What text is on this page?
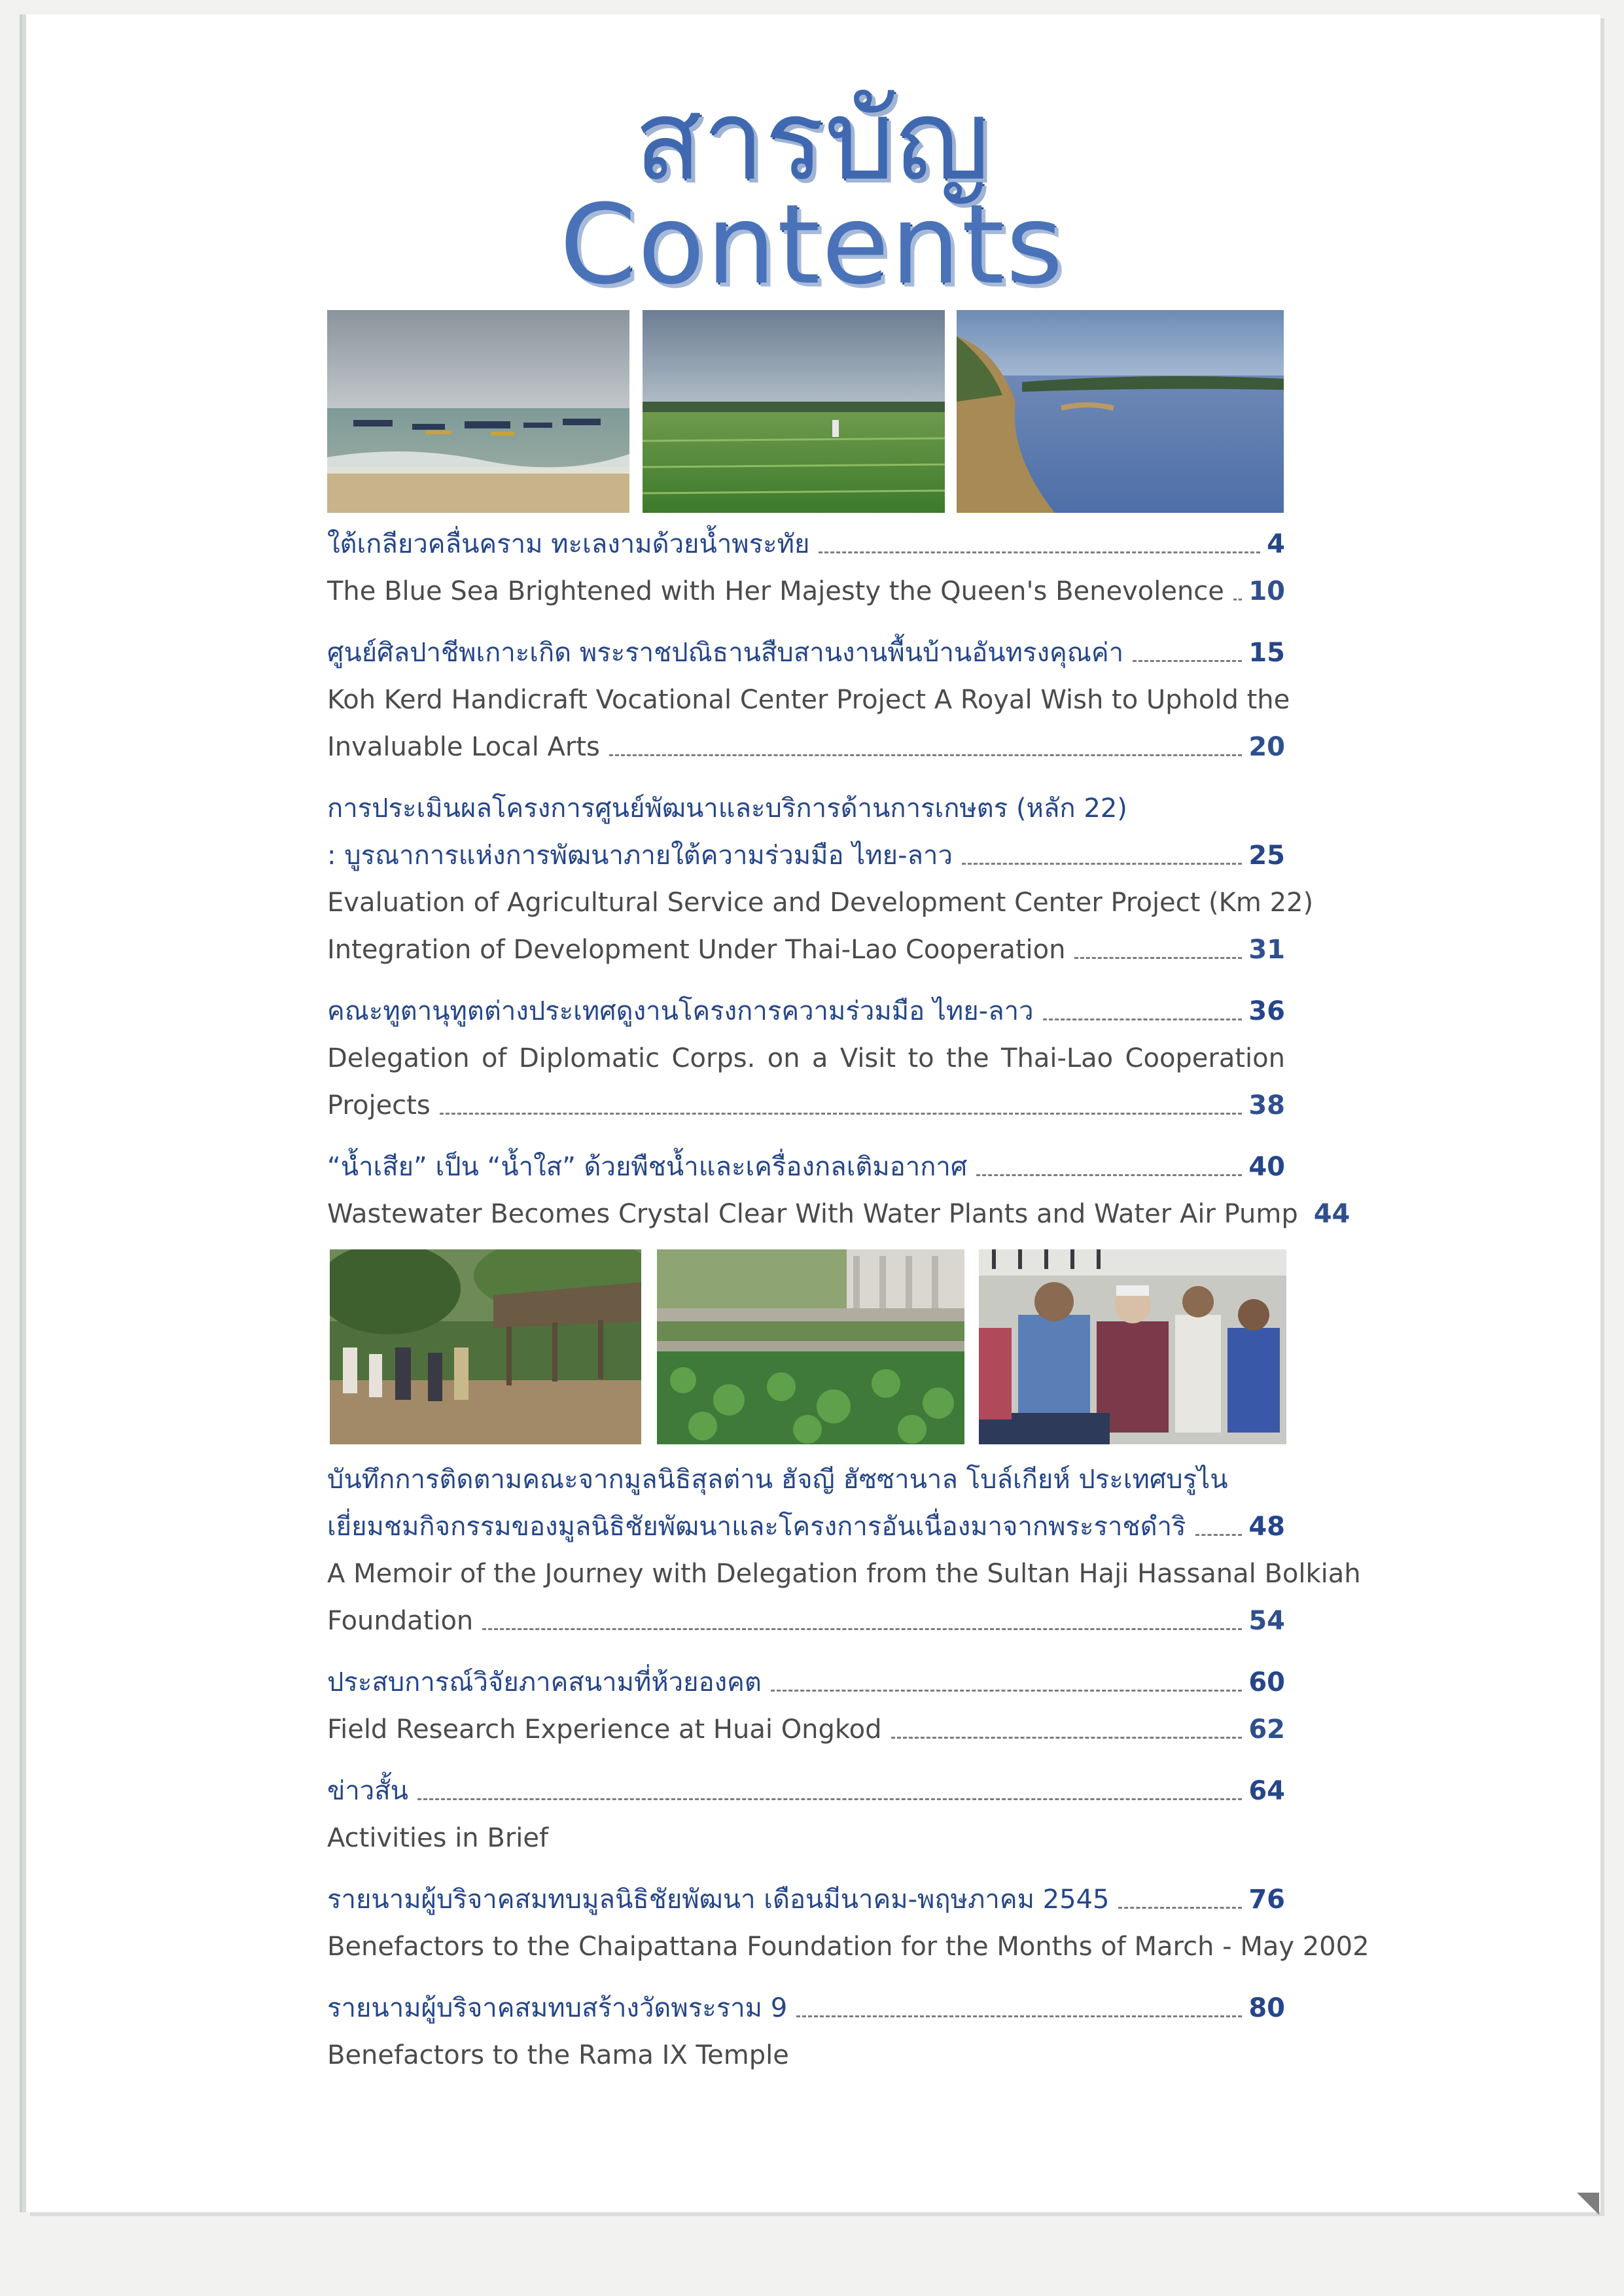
สารบัญ
Contents
ใต้เกลียวคลื่นคราม ทะเลงามด้วยน้ำพระทัย	4
The Blue Sea Brightened with Her Majesty the Queen's Benevolence 10
ศูนย์ศิลปาชีพเกาะเกิด พระราชปณิธานสืบสานงานพื้นบ้านอันทรงคุณค่า	15
Koh Kerd Handicraft Vocational Center Project A Royal Wish to Uphold the
Invaluable Local Arts	20
การประเมินผลโครงการศูนย์พัฒนาและบริการด้านการเกษตร (หลัก 22)
: บูรณาการแห่งการพัฒนาภายใต้ความร่วมมือ ไทย-ลาว	25
Evaluation of Agricultural Service and Development Center Project (Km 22)
Integration of Development Under Thai-Lao Cooperation	31
คณะทูตานุทูตต่างประเทศดูงานโครงการความร่วมมือ ไทย-ลาว	36
Delegation of Diplomatic Corps. on a Visit to the Thai-Lao Cooperation
Projects	38
“น้ำเสีย” เป็น “น้ำใส” ด้วยพืชน้ำและเครื่องกลเติมอากาศ	40
Wastewater Becomes Crystal Clear With Water Plants and Water Air Pump 44
บันทึกการติดตามคณะจากมูลนิธิสุลต่าน ฮัจญี ฮัซซานาล โบล์เกียห์ ประเทศบรูไน
เยี่ยมชมกิจกรรมของมูลนิธิชัยพัฒนาและโครงการอันเนื่องมาจากพระราชดำริ 48
A Memoir of the Journey with Delegation from the Sultan Haji Hassanal Bolkiah
Foundation	54
ประสบการณ์วิจัยภาคสนามที่ห้วยองคต	60
Field Research Experience at Huai Ongkod	62
ข่าวสั้น	64
Activities in Brief
รายนามผู้บริจาคสมทบมูลนิธิชัยพัฒนา เดือนมีนาคม-พฤษภาคม 2545	76
Benefactors to the Chaipattana Foundation for the Months of March - May 2002
รายนามผู้บริจาคสมทบสร้างวัดพระราม 9	80
Benefactors to the Rama IX Temple
